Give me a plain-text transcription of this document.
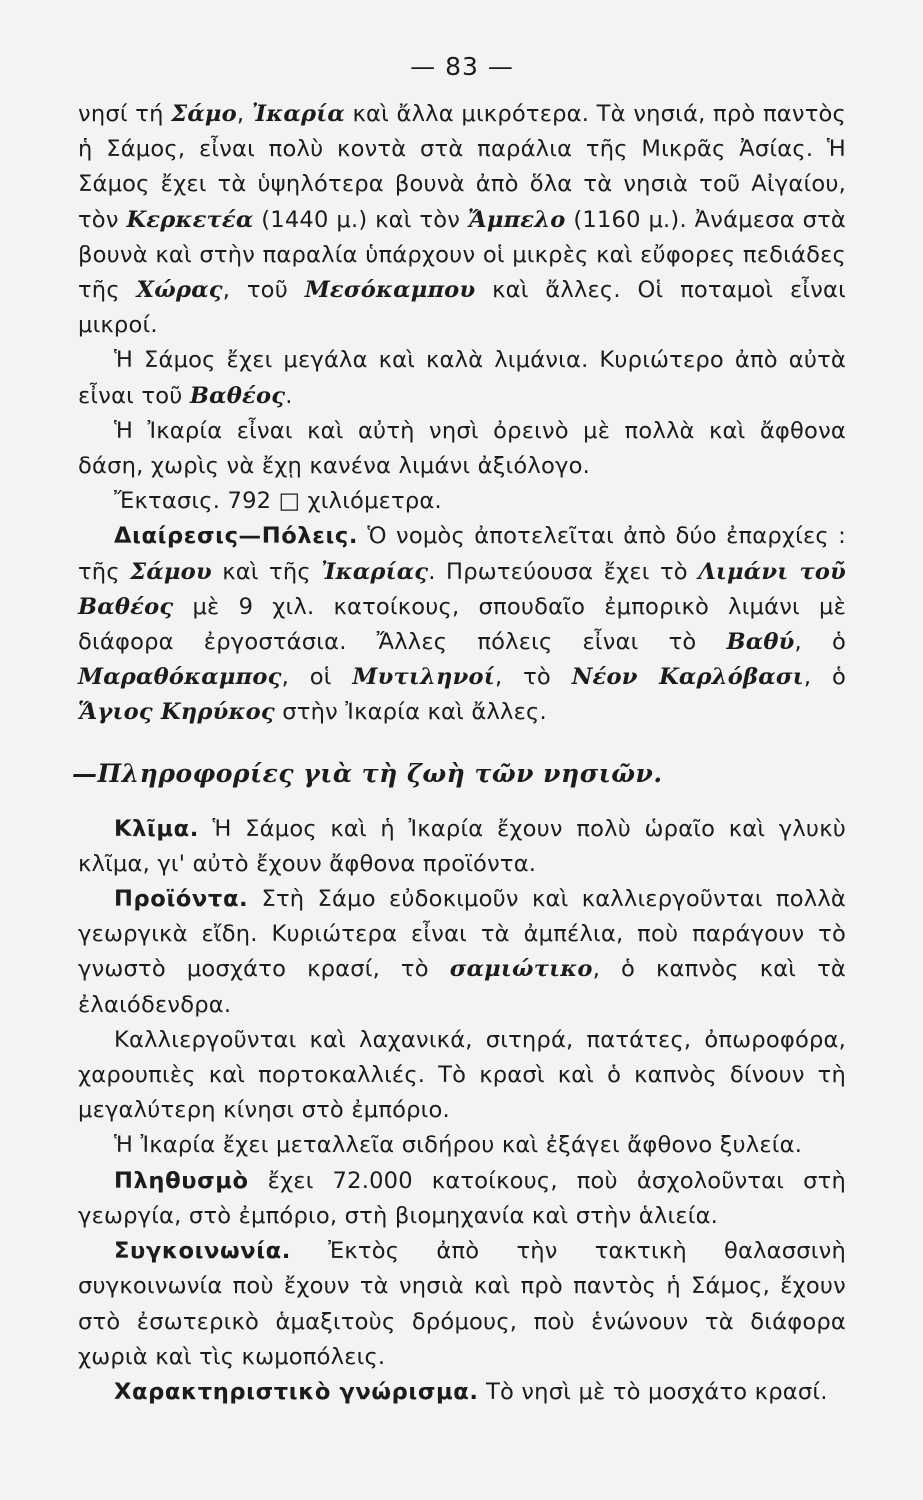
— 83 —

νησί τή Σάμο, Ἰκαρία καὶ ἄλλα μικρότερα. Τὰ νησιά, πρὸ παντὸς ἡ Σάμος, εἶναι πολὺ κοντὰ στὰ παράλια τῆς Μικρᾶς Ἀσίας. Ἡ Σάμος ἔχει τὰ ὑψηλότερα βουνὰ ἀπὸ ὅλα τὰ νησιὰ τοῦ Αἰγαίου, τὸν Κερκετέα (1440 μ.) καὶ τὸν Ἄμπελο (1160 μ.). Ἀνάμεσα στὰ βουνὰ καὶ στὴν παραλία ὑπάρχουν οἱ μικρὲς καὶ εὔφορες πεδιάδες τῆς Χώρας, τοῦ Μεσόκαμπου καὶ ἄλλες. Οἱ ποταμοὶ εἶναι μικροί.

Ἡ Σάμος ἔχει μεγάλα καὶ καλὰ λιμάνια. Κυριώτερο ἀπὸ αὐτὰ εἶναι τοῦ Βαθέος.

Ἡ Ἰκαρία εἶναι καὶ αὐτὴ νησὶ ὀρεινὸ μὲ πολλὰ καὶ ἄφθονα δάση, χωρὶς νὰ ἔχῃ κανένα λιμάνι ἀξιόλογο.

Ἔκτασις. 792 □ χιλιόμετρα.

Διαίρεσις—Πόλεις. Ὁ νομὸς ἀποτελεῖται ἀπὸ δύο ἐπαρχίες : τῆς Σάμου καὶ τῆς Ἰκαρίας. Πρωτεύουσα ἔχει τὸ Λιμάνι τοῦ Βαθέος μὲ 9 χιλ. κατοίκους, σπουδαῖο ἐμπορικὸ λιμάνι μὲ διάφορα ἐργοστάσια. Ἄλλες πόλεις εἶναι τὸ Βαθύ, ὁ Μαραθόκαμπος, οἱ Μυτιληνοί, τὸ Νέον Καρλόβασι, ὁ Ἅγιος Κηρύκος στὴν Ἰκαρία καὶ ἄλλες.

—Πληροφορίες γιὰ τὴ ζωὴ τῶν νησιῶν.

Κλῖμα. Ἡ Σάμος καὶ ἡ Ἰκαρία ἔχουν πολὺ ὡραῖο καὶ γλυκὺ κλῖμα, γι' αὐτὸ ἔχουν ἄφθονα προϊόντα.

Προϊόντα. Στὴ Σάμο εὐδοκιμοῦν καὶ καλλιεργοῦνται πολλὰ γεωργικὰ εἴδη. Κυριώτερα εἶναι τὰ ἀμπέλια, ποὺ παράγουν τὸ γνωστὸ μοσχάτο κρασί, τὸ σαμιώτικο, ὁ καπνὸς καὶ τὰ ἐλαιόδενδρα.

Καλλιεργοῦνται καὶ λαχανικά, σιτηρά, πατάτες, ὀπωροφόρα, χαρουπιὲς καὶ πορτοκαλλιές. Τὸ κρασὶ καὶ ὁ καπνὸς δίνουν τὴ μεγαλύτερη κίνησι στὸ ἐμπόριο.

Ἡ Ἰκαρία ἔχει μεταλλεῖα σιδήρου καὶ ἐξάγει ἄφθονο ξυλεία.

Πληθυσμὸ ἔχει 72.000 κατοίκους, ποὺ ἀσχολοῦνται στὴ γεωργία, στὸ ἐμπόριο, στὴ βιομηχανία καὶ στὴν ἁλιεία.

Συγκοινωνία. Ἐκτὸς ἀπὸ τὴν τακτικὴ θαλασσινὴ συγκοινωνία ποὺ ἔχουν τὰ νησιὰ καὶ πρὸ παντὸς ἡ Σάμος, ἔχουν στὸ ἐσωτερικὸ ἁμαξιτοὺς δρόμους, ποὺ ἑνώνουν τὰ διάφορα χωριὰ καὶ τὶς κωμοπόλεις.

Χαρακτηριστικὸ γνώρισμα. Τὸ νησὶ μὲ τὸ μοσχάτο κρασί.
